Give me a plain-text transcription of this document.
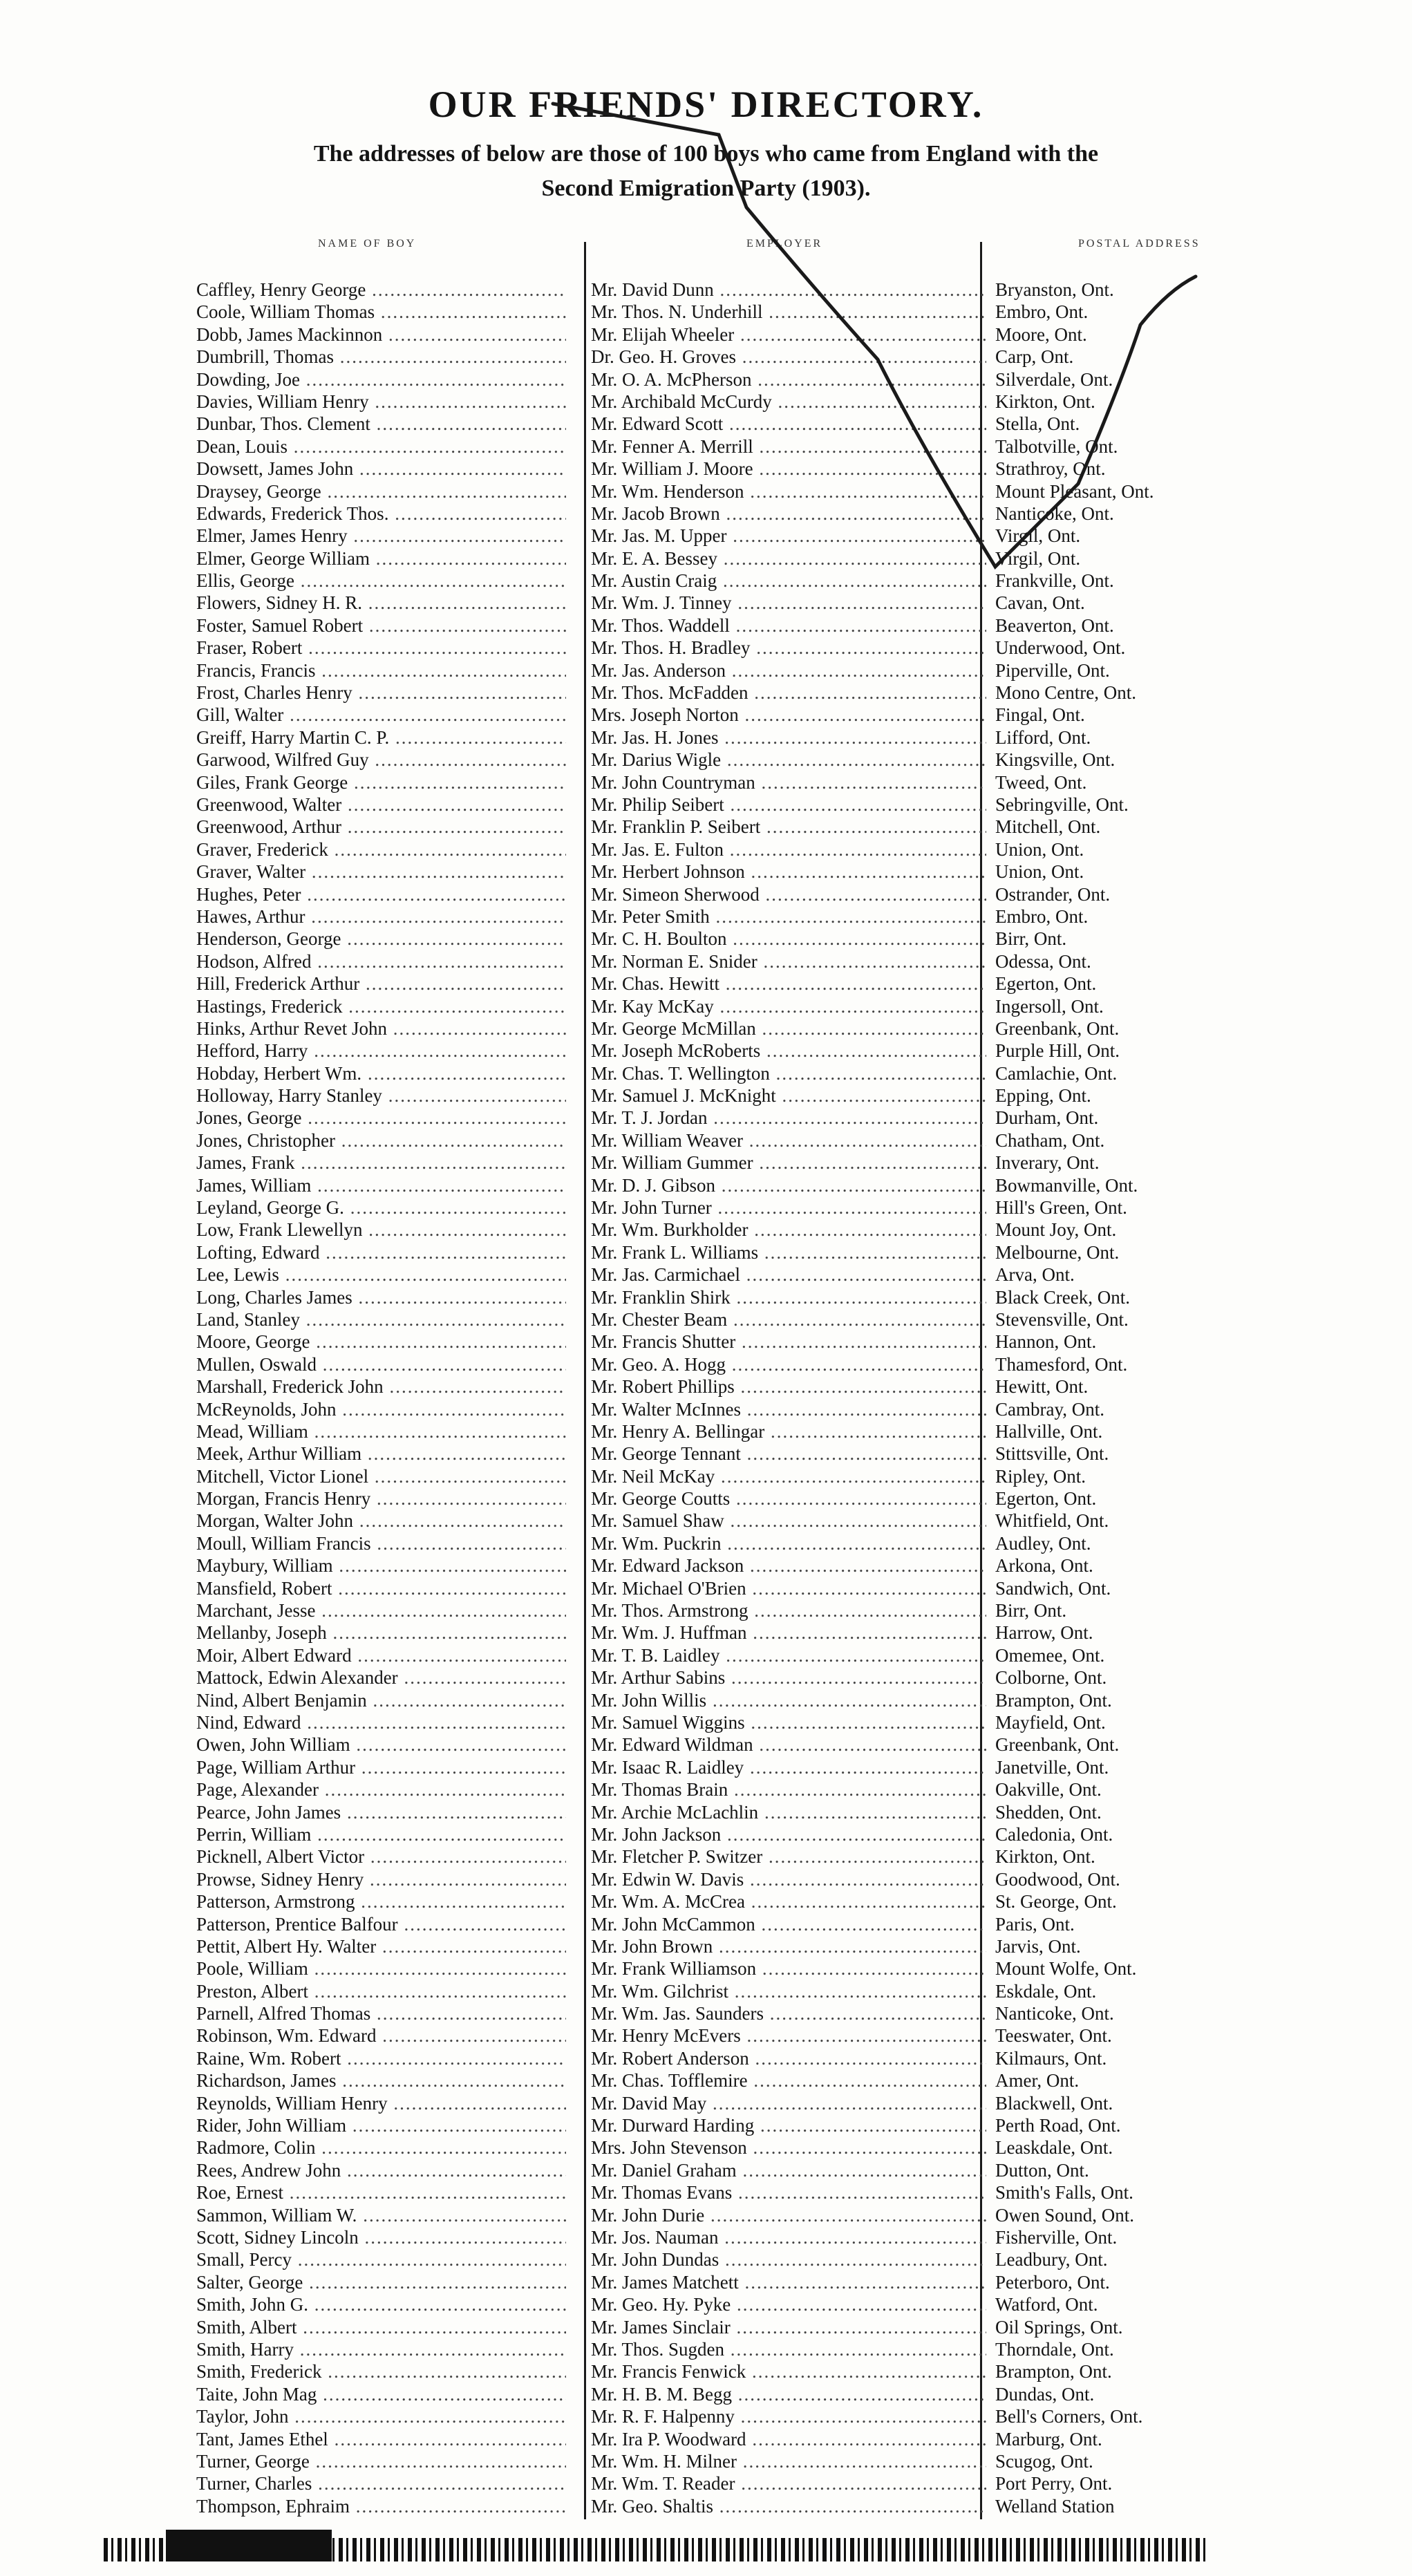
OUR FRIENDS' DIRECTORY.

The addresses of below are those of 100 boys who came from England with the

Second Emigration Party (1903).

NAME OF BOY	EMPLOYER	POSTAL ADDRESS
Caffley, Henry George .....
Coole, William Thomas .....
Dobb, James Mackinnon .....
Dumbrill, Thomas .....
Dowding, Joe .....
Davies, William Henry .....
Dunbar, Thos. Clement .....
Dean, Louis .....
Dowsett, James John .....
Draysey, George .....
Edwards, Frederick Thos. .....
Elmer, James Henry .....
Elmer, George William .....
Ellis, George .....
Flowers, Sidney H. R. .....
Foster, Samuel Robert .....
Fraser, Robert .....
Francis, Francis .....
Frost, Charles Henry .....
Gill, Walter .....
Greiff, Harry Martin C. P. .....
Garwood, Wilfred Guy .....
Giles, Frank George .....
Greenwood, Walter .....
Greenwood, Arthur .....
Graver, Frederick .....
Graver, Walter .....
Hughes, Peter .....
Hawes, Arthur .....
Henderson, George .....
Hodson, Alfred .....
Hill, Frederick Arthur .....
Hastings, Frederick .....
Hinks, Arthur Revet John .....
Hefford, Harry .....
Hobday, Herbert Wm. .....
Holloway, Harry Stanley .....
Jones, George .....
Jones, Christopher .....
James, Frank .....
James, William .....
Leyland, George G. .....
Low, Frank Llewellyn .....
Lofting, Edward .....
Lee, Lewis .....
Long, Charles James .....
Land, Stanley .....
Moore, George .....
Mullen, Oswald .....
Marshall, Frederick John .....
McReynolds, John .....
Mead, William .....
Meek, Arthur William .....
Mitchell, Victor Lionel .....
Morgan, Francis Henry .....
Morgan, Walter John .....
Moull, William Francis .....
Maybury, William .....
Mansfield, Robert .....
Marchant, Jesse .....
Mellanby, Joseph .....
Moir, Albert Edward .....
Mattock, Edwin Alexander .....
Nind, Albert Benjamin .....
Nind, Edward .....
Owen, John William .....
Page, William Arthur .....
Page, Alexander .....
Pearce, John James .....
Perrin, William .....
Picknell, Albert Victor .....
Prowse, Sidney Henry .....
Patterson, Armstrong .....
Patterson, Prentice Balfour .....
Pettit, Albert Hy. Walter .....
Poole, William .....
Preston, Albert .....
Parnell, Alfred Thomas .....
Robinson, Wm. Edward .....
Raine, Wm. Robert .....
Richardson, James .....
Reynolds, William Henry .....
Rider, John William .....
Radmore, Colin .....
Rees, Andrew John .....
Roe, Ernest .....
Sammon, William W. .....
Scott, Sidney Lincoln .....
Small, Percy .....
Salter, George .....
Smith, John G. .....
Smith, Albert .....
Smith, Harry .....
Smith, Frederick .....
Taite, John Mag .....
Taylor, John .....
Tant, James Ethel .....
Turner, George .....
Turner, Charles .....
Thompson, Ephraim .....
Mr. David Dunn .....
Mr. Thos. N. Underhill .....
Mr. Elijah Wheeler .....
Dr. Geo. H. Groves .....
Mr. O. A. McPherson .....
Mr. Archibald McCurdy .....
Mr. Edward Scott .....
Mr. Fenner A. Merrill .....
Mr. William J. Moore .....
Mr. Wm. Henderson .....
Mr. Jacob Brown .....
Mr. Jas. M. Upper .....
Mr. E. A. Bessey .....
Mr. Austin Craig .....
Mr. Wm. J. Tinney .....
Mr. Thos. Waddell .....
Mr. Thos. H. Bradley .....
Mr. Jas. Anderson .....
Mr. Thos. McFadden .....
Mrs. Joseph Norton .....
Mr. Jas. H. Jones .....
Mr. Darius Wigle .....
Mr. John Countryman .....
Mr. Philip Seibert .....
Mr. Franklin P. Seibert .....
Mr. Jas. E. Fulton .....
Mr. Herbert Johnson .....
Mr. Simeon Sherwood .....
Mr. Peter Smith .....
Mr. C. H. Boulton .....
Mr. Norman E. Snider .....
Mr. Chas. Hewitt .....
Mr. Kay McKay .....
Mr. George McMillan .....
Mr. Joseph McRoberts .....
Mr. Chas. T. Wellington .....
Mr. Samuel J. McKnight .....
Mr. T. J. Jordan .....
Mr. William Weaver .....
Mr. William Gummer .....
Mr. D. J. Gibson .....
Mr. John Turner .....
Mr. Wm. Burkholder .....
Mr. Frank L. Williams .....
Mr. Jas. Carmichael .....
Mr. Franklin Shirk .....
Mr. Chester Beam .....
Mr. Francis Shutter .....
Mr. Geo. A. Hogg .....
Mr. Robert Phillips .....
Mr. Walter McInnes .....
Mr. Henry A. Bellingar .....
Mr. George Tennant .....
Mr. Neil McKay .....
Mr. George Coutts .....
Mr. Samuel Shaw .....
Mr. Wm. Puckrin .....
Mr. Edward Jackson .....
Mr. Michael O'Brien .....
Mr. Thos. Armstrong .....
Mr. Wm. J. Huffman .....
Mr. T. B. Laidley .....
Mr. Arthur Sabins .....
Mr. John Willis .....
Mr. Samuel Wiggins .....
Mr. Edward Wildman .....
Mr. Isaac R. Laidley .....
Mr. Thomas Brain .....
Mr. Archie McLachlin .....
Mr. John Jackson .....
Mr. Fletcher P. Switzer .....
Mr. Edwin W. Davis .....
Mr. Wm. A. McCrea .....
Mr. John McCammon .....
Mr. John Brown .....
Mr. Frank Williamson .....
Mr. Wm. Gilchrist .....
Mr. Wm. Jas. Saunders .....
Mr. Henry McEvers .....
Mr. Robert Anderson .....
Mr. Chas. Tofflemire .....
Mr. David May .....
Mr. Durward Harding .....
Mrs. John Stevenson .....
Mr. Daniel Graham .....
Mr. Thomas Evans .....
Mr. John Durie .....
Mr. Jos. Nauman .....
Mr. John Dundas .....
Mr. James Matchett .....
Mr. Geo. Hy. Pyke .....
Mr. James Sinclair .....
Mr. Thos. Sugden .....
Mr. Francis Fenwick .....
Mr. H. B. M. Begg .....
Mr. R. F. Halpenny .....
Mr. Ira P. Woodward .....
Mr. Wm. H. Milner .....
Mr. Wm. T. Reader .....
Mr. Geo. Shaltis .....
Bryanston, Ont.
Embro, Ont.
Moore, Ont.
Carp, Ont.
Silverdale, Ont.
Kirkton, Ont.
Stella, Ont.
Talbotville, Ont.
Strathroy, Ont.
Mount Pleasant, Ont.
Nanticoke, Ont.
Virgil, Ont.
Virgil, Ont.
Frankville, Ont.
Cavan, Ont.
Beaverton, Ont.
Underwood, Ont.
Piperville, Ont.
Mono Centre, Ont.
Fingal, Ont.
Lifford, Ont.
Kingsville, Ont.
Tweed, Ont.
Sebringville, Ont.
Mitchell, Ont.
Union, Ont.
Union, Ont.
Ostrander, Ont.
Embro, Ont.
Birr, Ont.
Odessa, Ont.
Egerton, Ont.
Ingersoll, Ont.
Greenbank, Ont.
Purple Hill, Ont.
Camlachie, Ont.
Epping, Ont.
Durham, Ont.
Chatham, Ont.
Inverary, Ont.
Bowmanville, Ont.
Hill's Green, Ont.
Mount Joy, Ont.
Melbourne, Ont.
Arva, Ont.
Black Creek, Ont.
Stevensville, Ont.
Hannon, Ont.
Thamesford, Ont.
Hewitt, Ont.
Cambray, Ont.
Hallville, Ont.
Stittsville, Ont.
Ripley, Ont.
Egerton, Ont.
Whitfield, Ont.
Audley, Ont.
Arkona, Ont.
Sandwich, Ont.
Birr, Ont.
Harrow, Ont.
Omemee, Ont.
Colborne, Ont.
Brampton, Ont.
Mayfield, Ont.
Greenbank, Ont.
Janetville, Ont.
Oakville, Ont.
Shedden, Ont.
Caledonia, Ont.
Kirkton, Ont.
Goodwood, Ont.
St. George, Ont.
Paris, Ont.
Jarvis, Ont.
Mount Wolfe, Ont.
Eskdale, Ont.
Nanticoke, Ont.
Teeswater, Ont.
Kilmaurs, Ont.
Amer, Ont.
Blackwell, Ont.
Perth Road, Ont.
Leaskdale, Ont.
Dutton, Ont.
Smith's Falls, Ont.
Owen Sound, Ont.
Fisherville, Ont.
Leadbury, Ont.
Peterboro, Ont.
Watford, Ont.
Oil Springs, Ont.
Thorndale, Ont.
Brampton, Ont.
Dundas, Ont.
Bell's Corners, Ont.
Marburg, Ont.
Scugog, Ont.
Port Perry, Ont.
Welland Station
